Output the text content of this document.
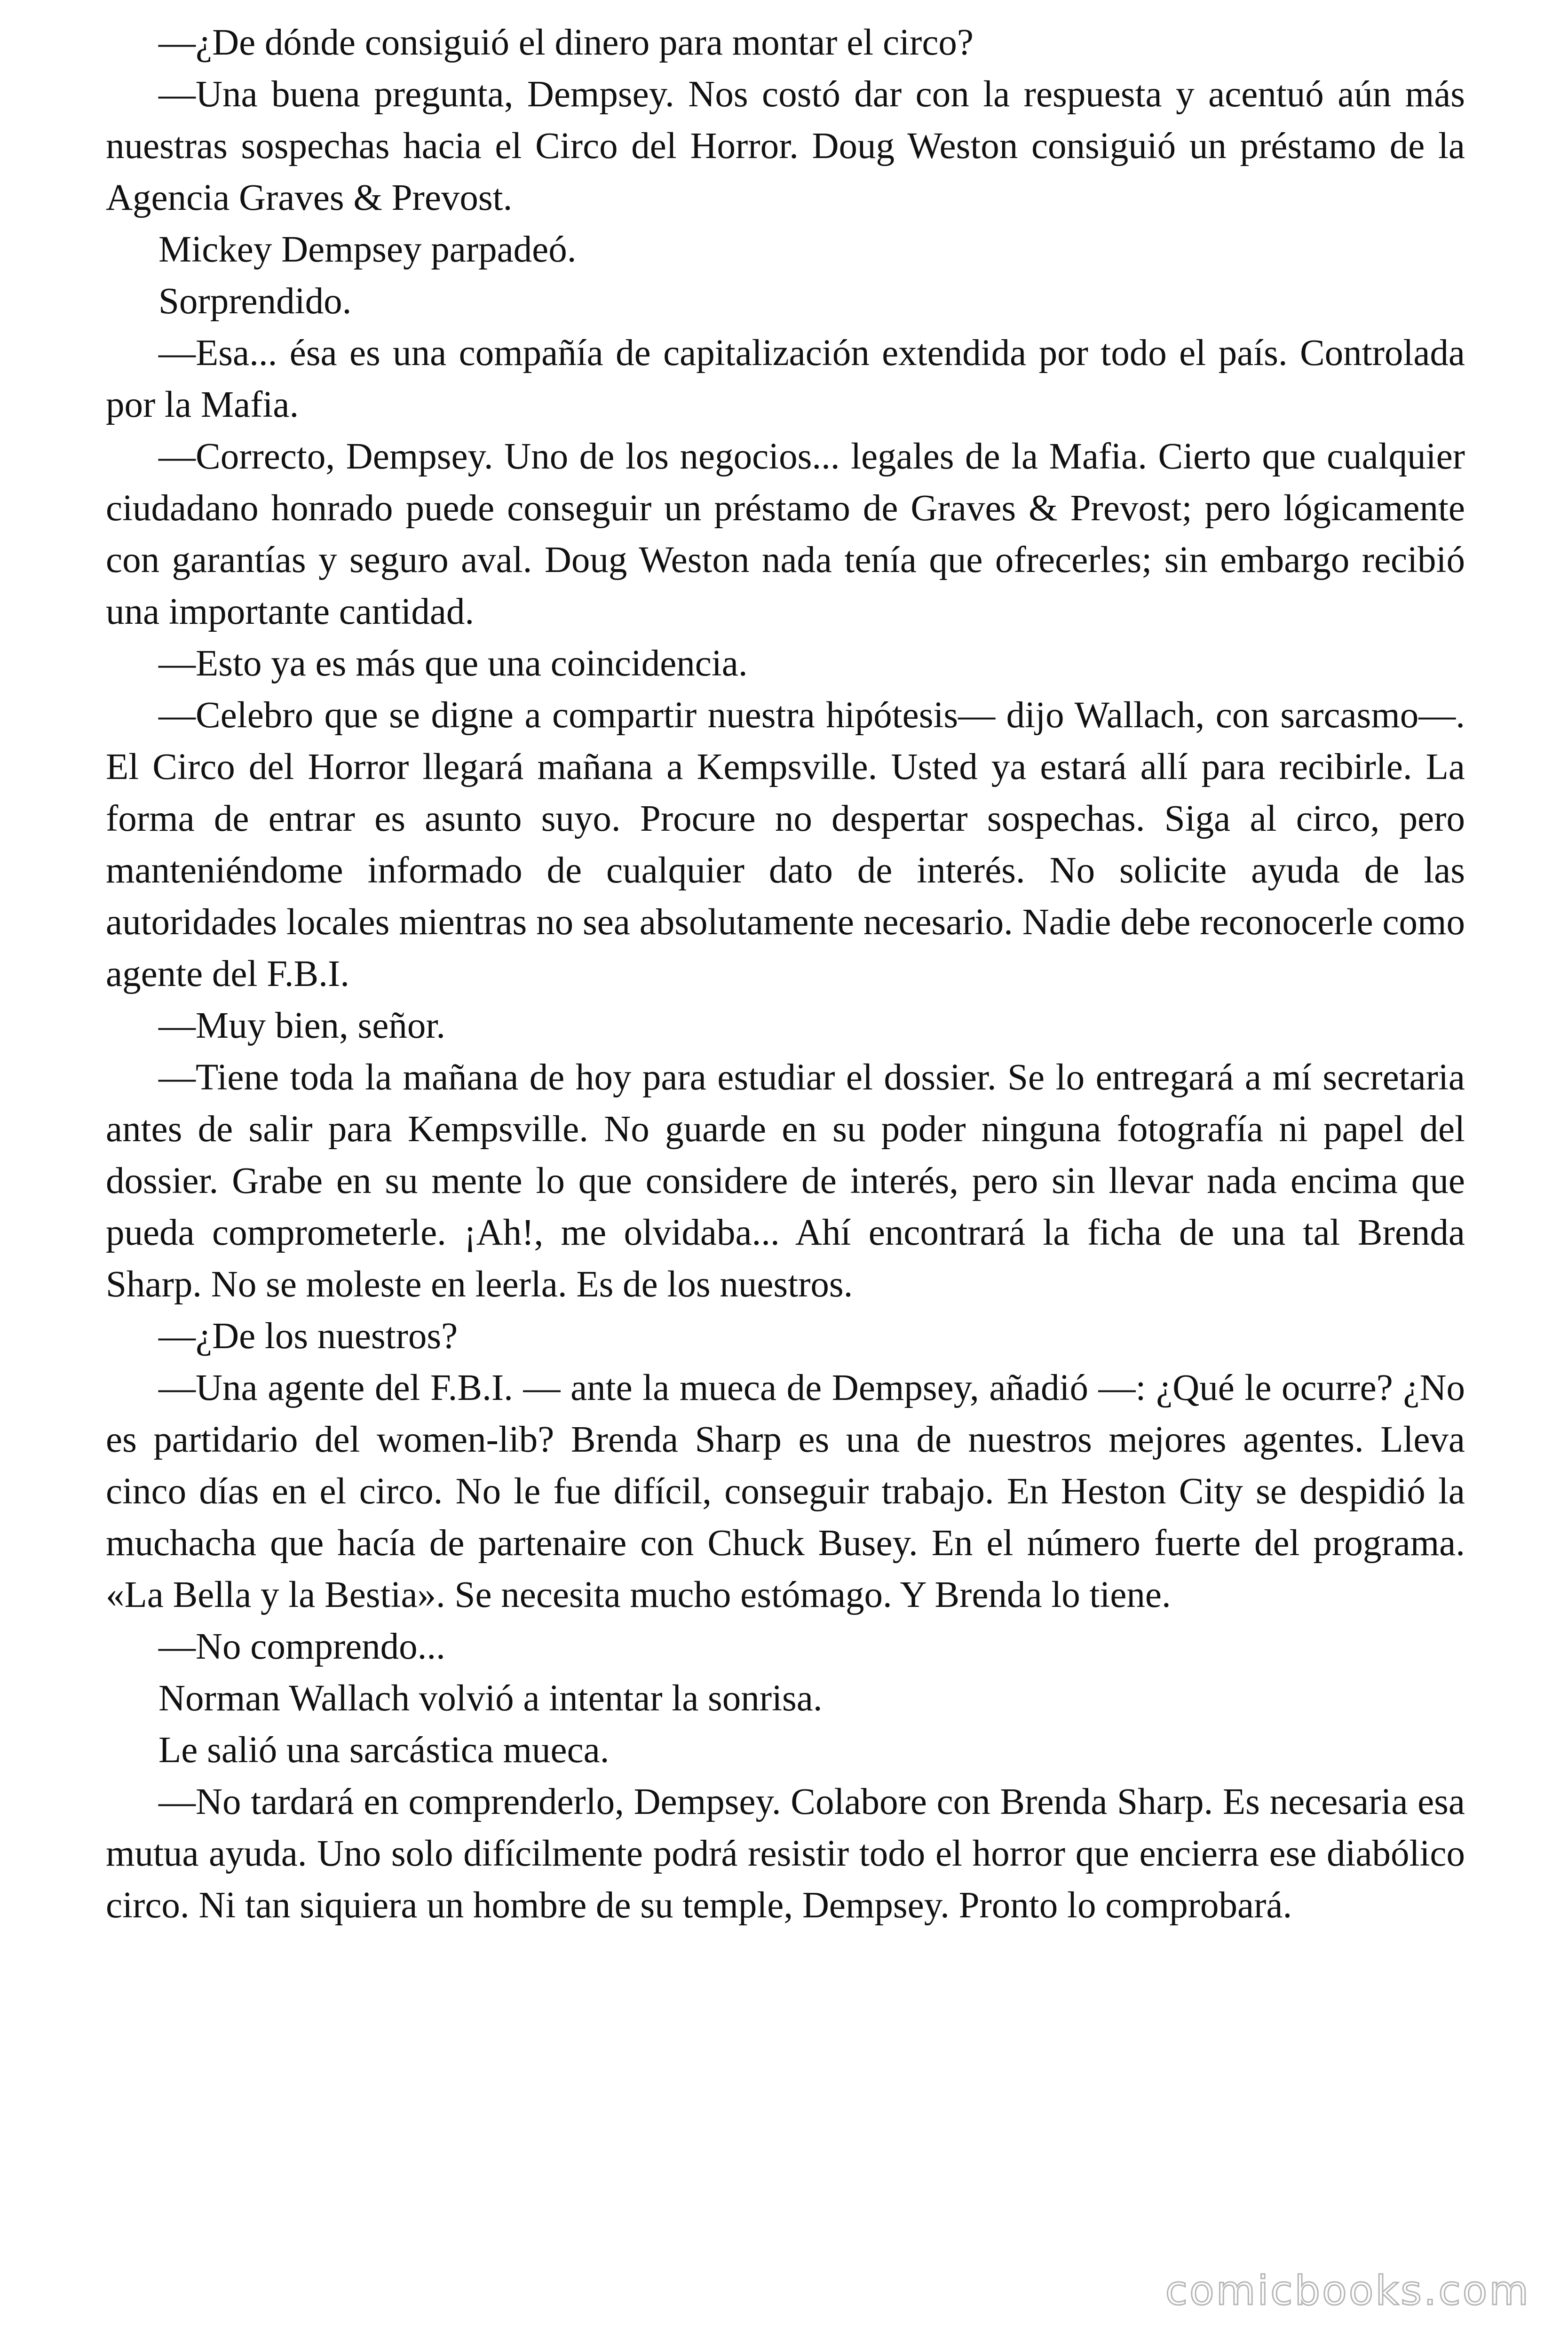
—¿De dónde consiguió el dinero para montar el circo?

—Una buena pregunta, Dempsey. Nos costó dar con la respuesta y acentuó aún más nuestras sospechas hacia el Circo del Horror. Doug Weston consiguió un préstamo de la Agencia Graves & Prevost.

Mickey Dempsey parpadeó.

Sorprendido.

—Esa... ésa es una compañía de capitalización extendida por todo el país. Controlada por la Mafia.

—Correcto, Dempsey. Uno de los negocios... legales de la Mafia. Cierto que cualquier ciudadano honrado puede conseguir un préstamo de Graves & Prevost; pero lógicamente con garantías y seguro aval. Doug Weston nada tenía que ofrecerles; sin embargo recibió una importante cantidad.

—Esto ya es más que una coincidencia.

—Celebro que se digne a compartir nuestra hipótesis— dijo Wallach, con sarcasmo—. El Circo del Horror llegará mañana a Kempsville. Usted ya estará allí para recibirle. La forma de entrar es asunto suyo. Procure no despertar sospechas. Siga al circo, pero manteniéndome informado de cualquier dato de interés. No solicite ayuda de las autoridades locales mientras no sea absolutamente necesario. Nadie debe reconocerle como agente del F.B.I.

—Muy bien, señor.

—Tiene toda la mañana de hoy para estudiar el dossier. Se lo entregará a mí secretaria antes de salir para Kempsville. No guarde en su poder ninguna fotografía ni papel del dossier. Grabe en su mente lo que considere de interés, pero sin llevar nada encima que pueda comprometerle. ¡Ah!, me olvidaba... Ahí encontrará la ficha de una tal Brenda Sharp. No se moleste en leerla. Es de los nuestros.

—¿De los nuestros?

—Una agente del F.B.I. — ante la mueca de Dempsey, añadió —: ¿Qué le ocurre? ¿No es partidario del women-lib? Brenda Sharp es una de nuestros mejores agentes. Lleva cinco días en el circo. No le fue difícil, conseguir trabajo. En Heston City se despidió la muchacha que hacía de partenaire con Chuck Busey. En el número fuerte del programa. «La Bella y la Bestia». Se necesita mucho estómago. Y Brenda lo tiene.

—No comprendo...

Norman Wallach volvió a intentar la sonrisa.

Le salió una sarcástica mueca.

—No tardará en comprenderlo, Dempsey. Colabore con Brenda Sharp. Es necesaria esa mutua ayuda. Uno solo difícilmente podrá resistir todo el horror que encierra ese diabólico circo. Ni tan siquiera un hombre de su temple, Dempsey. Pronto lo comprobará.

comicbooks.com
